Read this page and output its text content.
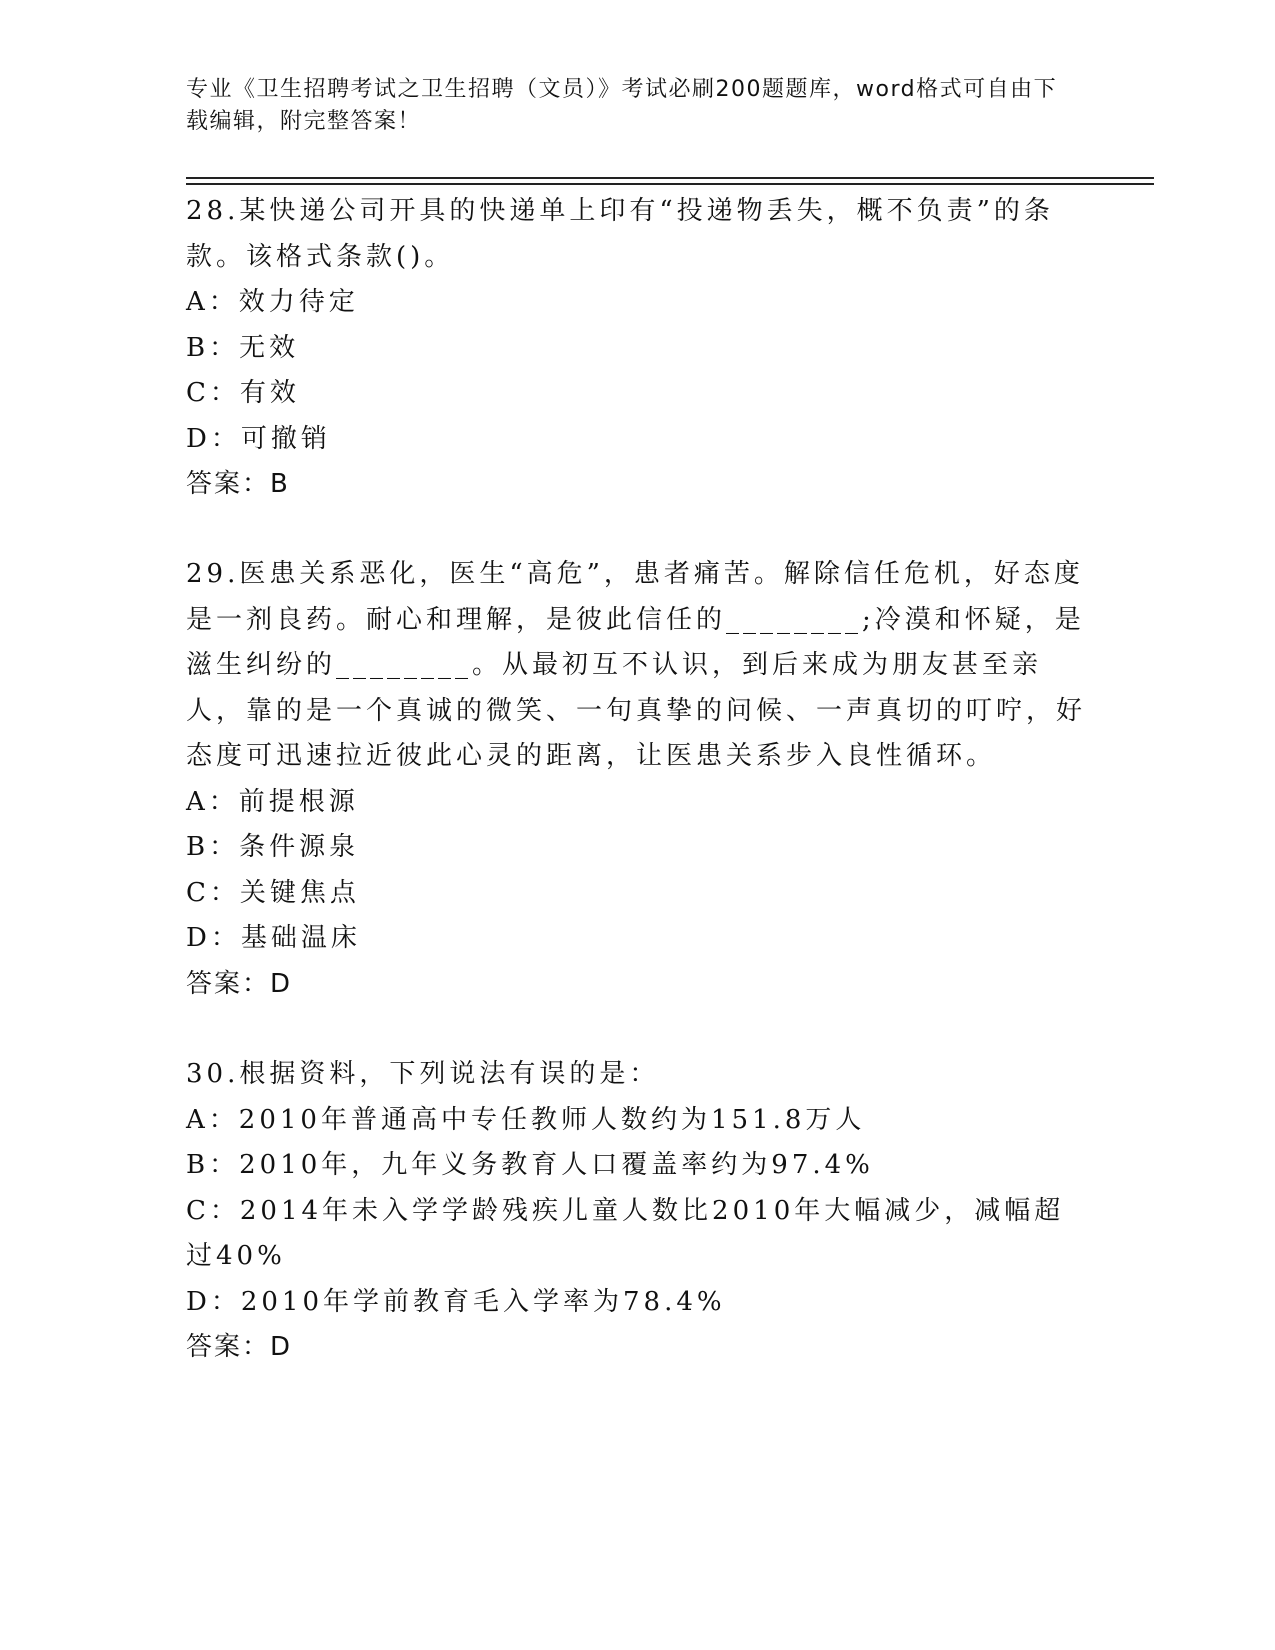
专业《卫生招聘考试之卫生招聘（文员）》考试必刷200题题库，word格式可自由下载编辑，附完整答案！

28.某快递公司开具的快递单上印有“投递物丢失，概不负责”的条款。该格式条款()。

A：效力待定

B：无效

C：有效

D：可撤销

答案：B

29.医患关系恶化，医生“高危”，患者痛苦。解除信任危机，好态度是一剂良药。耐心和理解，是彼此信任的________;冷漠和怀疑，是滋生纠纷的________。从最初互不认识，到后来成为朋友甚至亲人，靠的是一个真诚的微笑、一句真挚的问候、一声真切的叮咛，好态度可迅速拉近彼此心灵的距离，让医患关系步入良性循环。

A：前提根源

B：条件源泉

C：关键焦点

D：基础温床

答案：D

30.根据资料，下列说法有误的是：

A：2010年普通高中专任教师人数约为151.8万人

B：2010年，九年义务教育人口覆盖率约为97.4%

C：2014年未入学学龄残疾儿童人数比2010年大幅减少，减幅超过40%

D：2010年学前教育毛入学率为78.4%

答案：D
